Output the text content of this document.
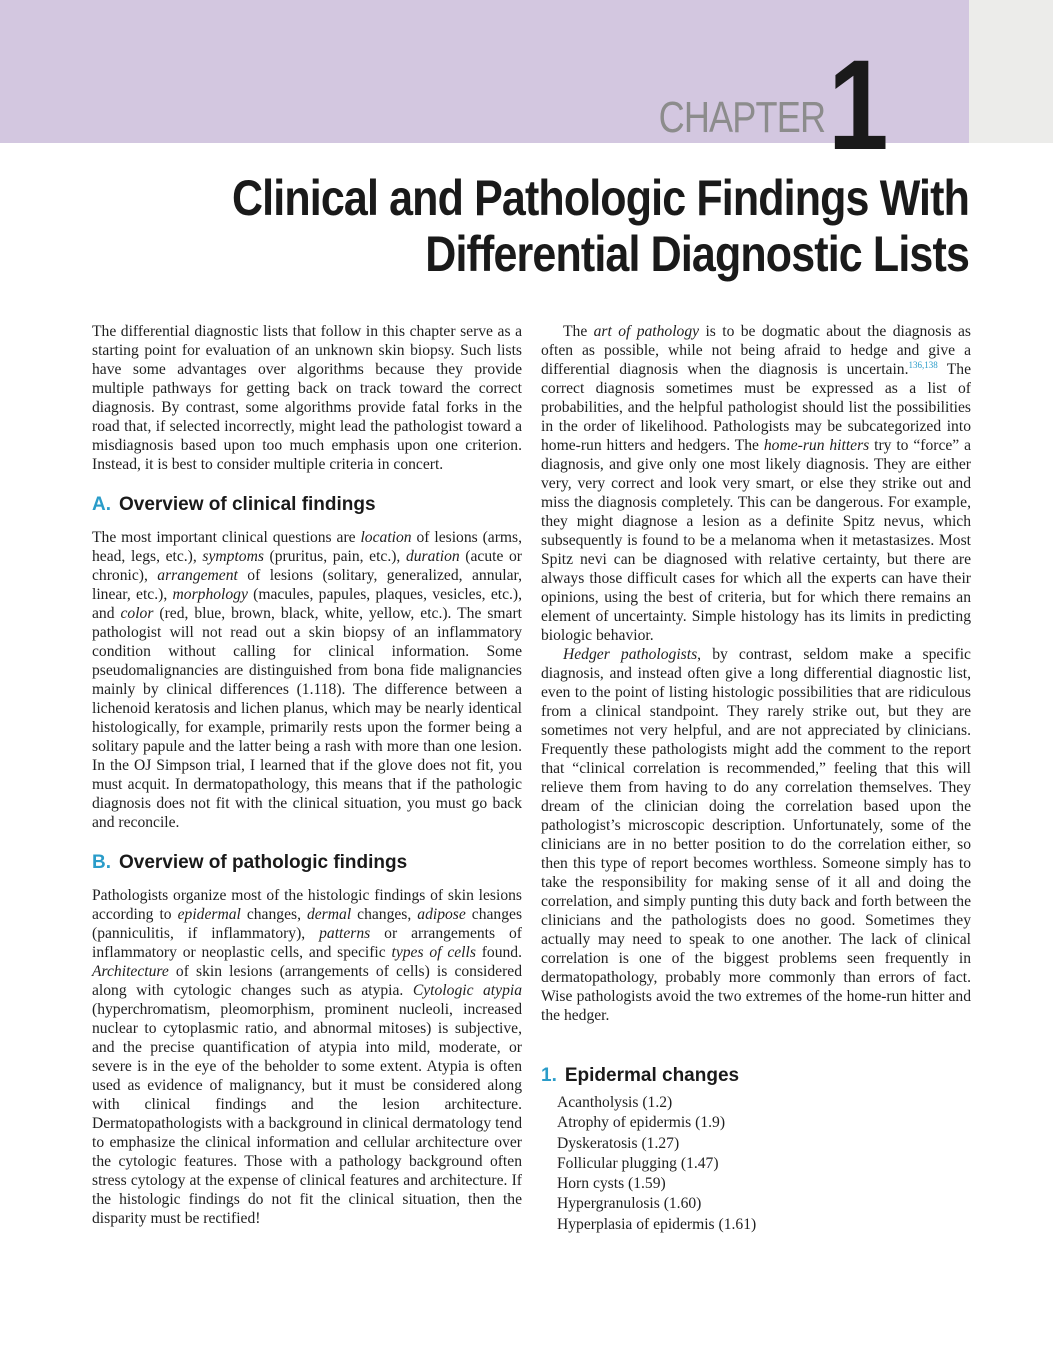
CHAPTER 1
Clinical and Pathologic Findings With
Differential Diagnostic Lists

The differential diagnostic lists that follow in this chapter serve as a starting point for evaluation of an unknown skin biopsy. Such lists have some advantages over algorithms because they provide multiple pathways for getting back on track toward the correct diagnosis. By contrast, some algorithms provide fatal forks in the road that, if selected incorrectly, might lead the pathologist toward a misdiagnosis based upon too much emphasis upon one criterion. Instead, it is best to consider multiple criteria in concert.

A. Overview of clinical findings

The most important clinical questions are location of lesions (arms, head, legs, etc.), symptoms (pruritus, pain, etc.), duration (acute or chronic), arrangement of lesions (solitary, generalized, annular, linear, etc.), morphology (macules, papules, plaques, vesicles, etc.), and color (red, blue, brown, black, white, yellow, etc.). The smart pathologist will not read out a skin biopsy of an inflammatory condition without calling for clinical information. Some pseudomalignancies are distinguished from bona fide malignancies mainly by clinical differences (1.118). The difference between a lichenoid keratosis and lichen planus, which may be nearly identical histologically, for example, primarily rests upon the former being a solitary papule and the latter being a rash with more than one lesion. In the OJ Simpson trial, I learned that if the glove does not fit, you must acquit. In dermatopathology, this means that if the pathologic diagnosis does not fit with the clinical situation, you must go back and reconcile.

B. Overview of pathologic findings

Pathologists organize most of the histologic findings of skin lesions according to epidermal changes, dermal changes, adipose changes (panniculitis, if inflammatory), patterns or arrangements of inflammatory or neoplastic cells, and specific types of cells found. Architecture of skin lesions (arrangements of cells) is considered along with cytologic changes such as atypia. Cytologic atypia (hyperchromatism, pleomorphism, prominent nucleoli, increased nuclear to cytoplasmic ratio, and abnormal mitoses) is subjective, and the precise quantification of atypia into mild, moderate, or severe is in the eye of the beholder to some extent. Atypia is often used as evidence of malignancy, but it must be considered along with clinical findings and the lesion architecture. Dermatopathologists with a background in clinical dermatology tend to emphasize the clinical information and cellular architecture over the cytologic features. Those with a pathology background often stress cytology at the expense of clinical features and architecture. If the histologic findings do not fit the clinical situation, then the disparity must be rectified!

The art of pathology is to be dogmatic about the diagnosis as often as possible, while not being afraid to hedge and give a differential diagnosis when the diagnosis is uncertain.$^{136,138}$ The correct diagnosis sometimes must be expressed as a list of probabilities, and the helpful pathologist should list the possibilities in the order of likelihood. Pathologists may be subcategorized into home-run hitters and hedgers. The home-run hitters try to “force” a diagnosis, and give only one most likely diagnosis. They are either very, very correct and look very smart, or else they strike out and miss the diagnosis completely. This can be dangerous. For example, they might diagnose a lesion as a definite Spitz nevus, which subsequently is found to be a melanoma when it metastasizes. Most Spitz nevi can be diagnosed with relative certainty, but there are always those difficult cases for which all the experts can have their opinions, using the best of criteria, but for which there remains an element of uncertainty. Simple histology has its limits in predicting biologic behavior.

Hedger pathologists, by contrast, seldom make a specific diagnosis, and instead often give a long differential diagnostic list, even to the point of listing histologic possibilities that are ridiculous from a clinical standpoint. They rarely strike out, but they are sometimes not very helpful, and are not appreciated by clinicians. Frequently these pathologists might add the comment to the report that “clinical correlation is recommended,” feeling that this will relieve them from having to do any correlation themselves. They dream of the clinician doing the correlation based upon the pathologist’s microscopic description. Unfortunately, some of the clinicians are in no better position to do the correlation either, so then this type of report becomes worthless. Someone simply has to take the responsibility for making sense of it all and doing the correlation, and simply punting this duty back and forth between the clinicians and the pathologists does no good. Sometimes they actually may need to speak to one another. The lack of clinical correlation is one of the biggest problems seen frequently in dermatopathology, probably more commonly than errors of fact. Wise pathologists avoid the two extremes of the home-run hitter and the hedger.

1. Epidermal changes
Acantholysis (1.2)
Atrophy of epidermis (1.9)
Dyskeratosis (1.27)
Follicular plugging (1.47)
Horn cysts (1.59)
Hypergranulosis (1.60)
Hyperplasia of epidermis (1.61)
